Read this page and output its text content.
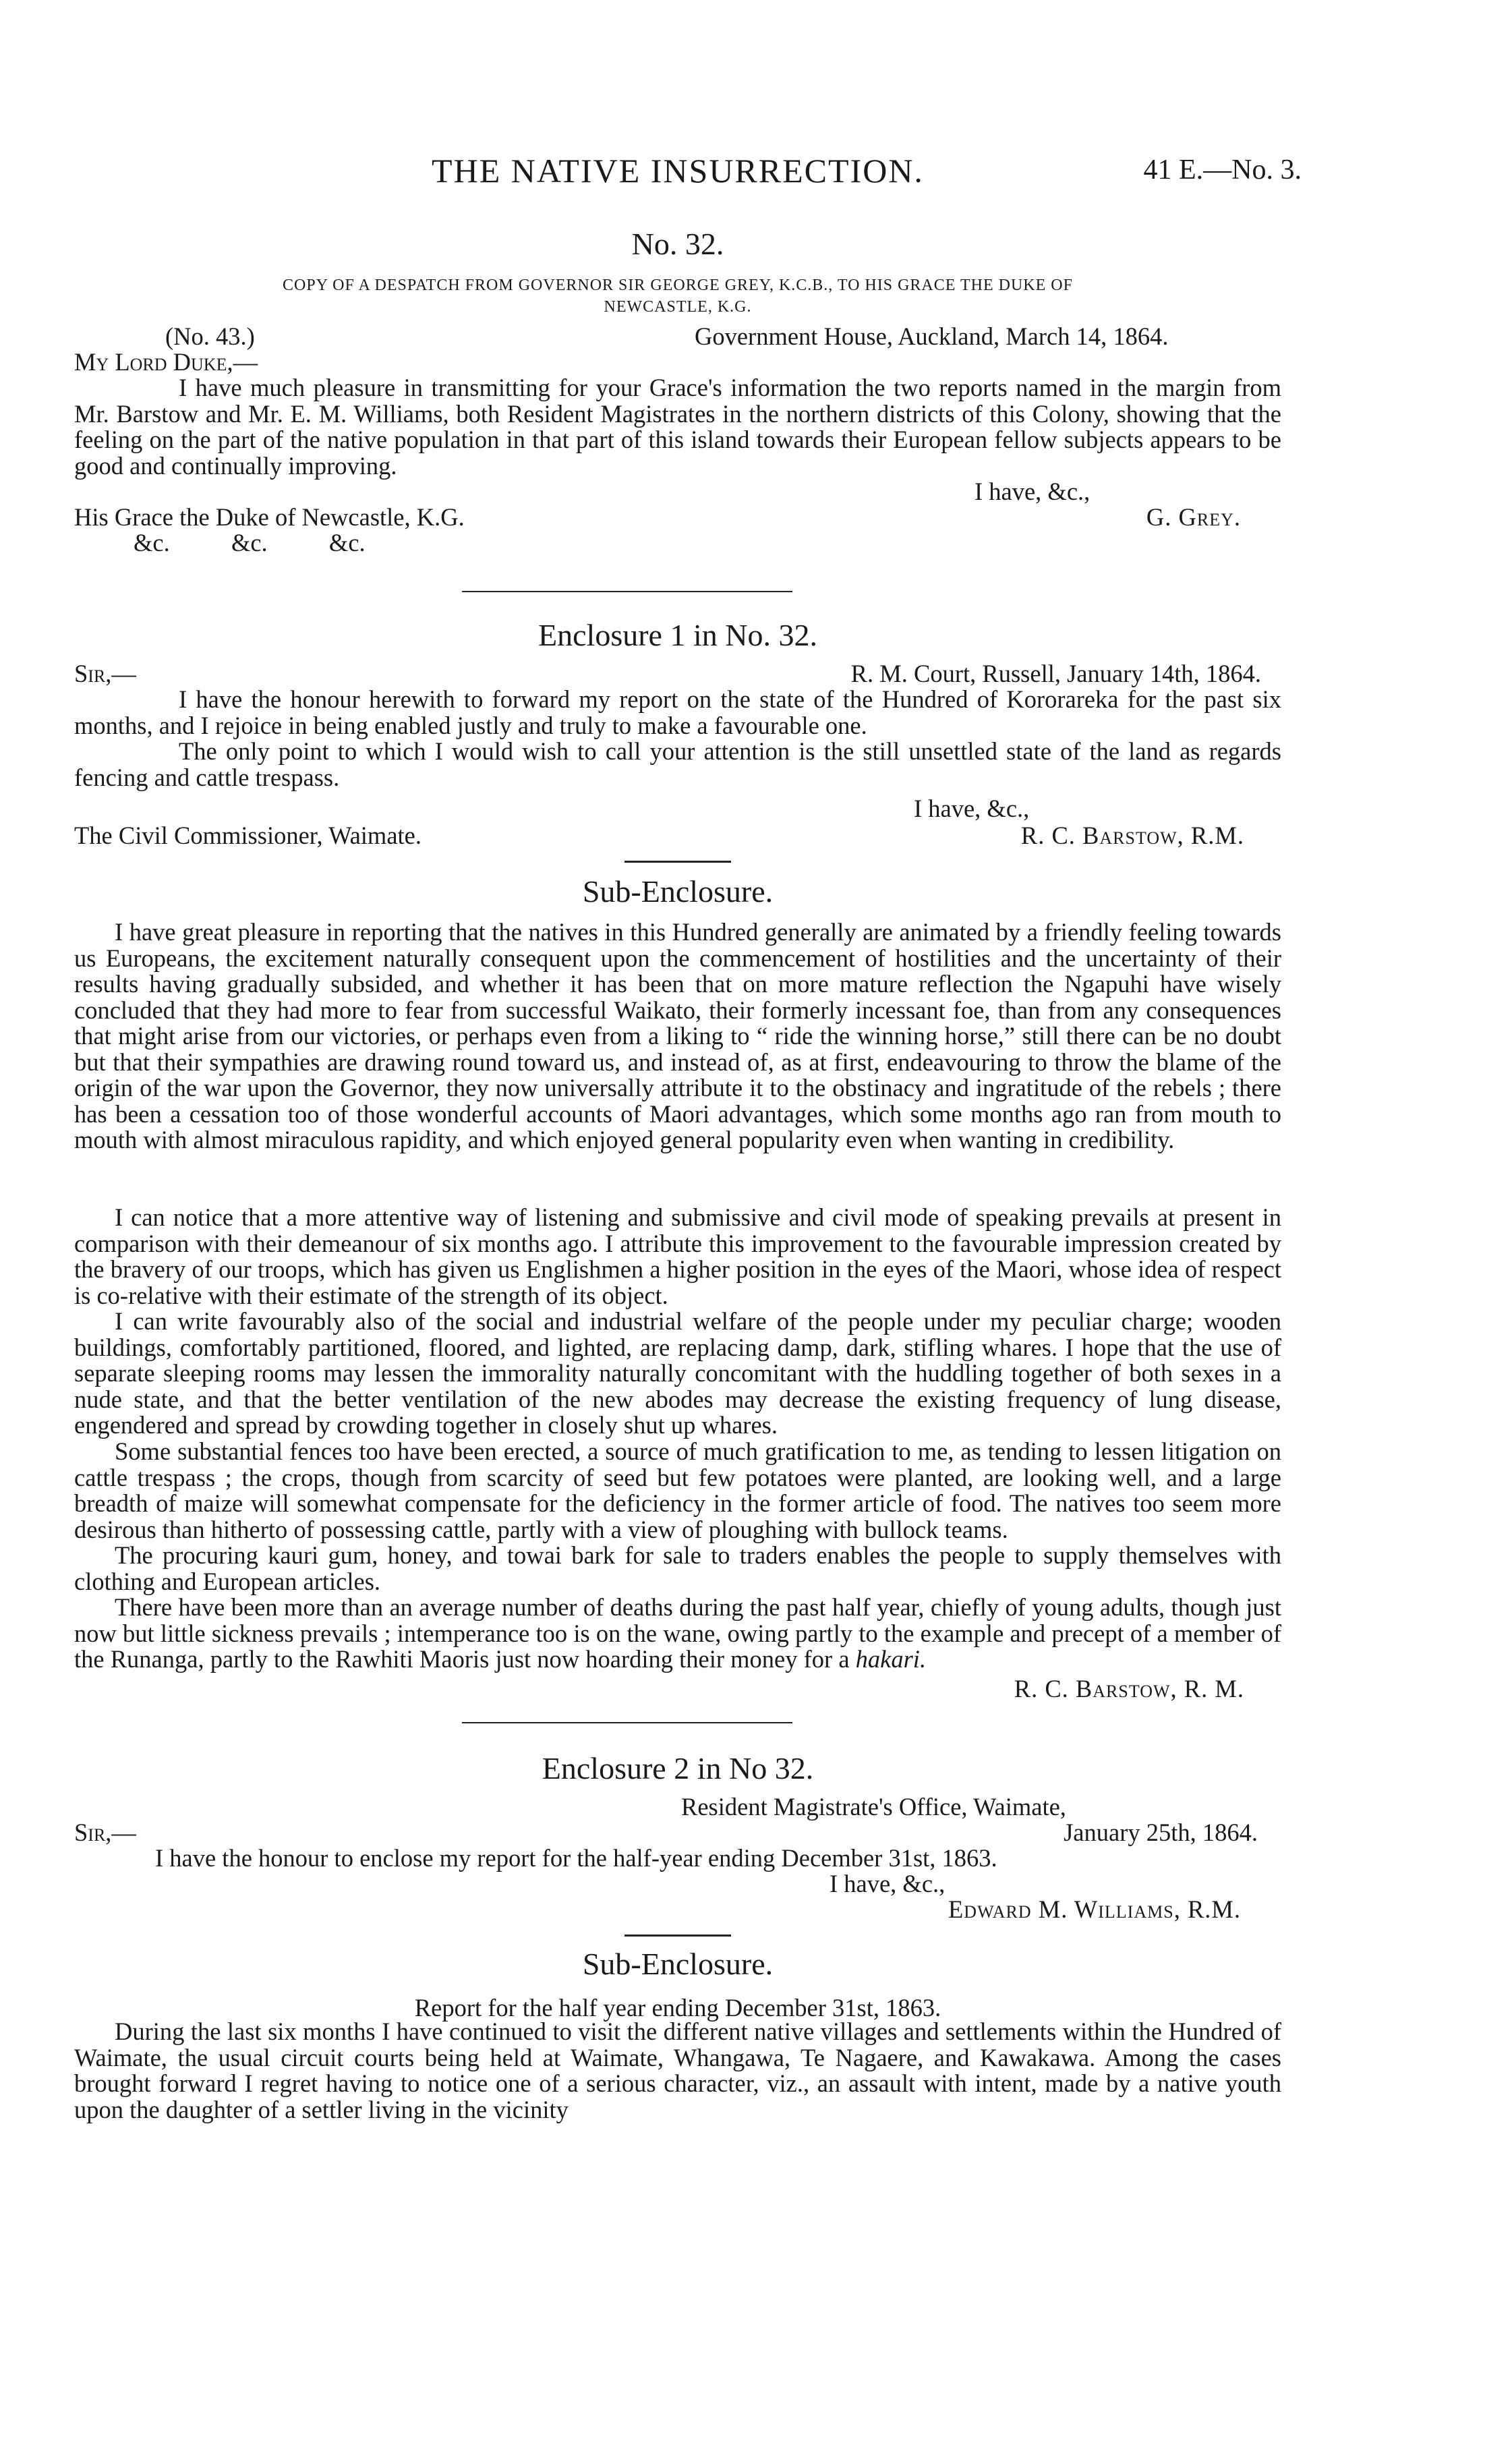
THE NATIVE INSURRECTION.	41 E.—No. 3.
No. 32.
COPY OF A DESPATCH FROM GOVERNOR SIR GEORGE GREY, K.C.B., TO HIS GRACE THE DUKE OF
NEWCASTLE, K.G.
(No. 43.)	Government House, Auckland, March 14, 1864.
My Lord Duke,—

I have much pleasure in transmitting for your Grace's information the two reports named in the margin from Mr. Barstow and Mr. E. M. Williams, both Resident Magistrates in the northern districts of this Colony, showing that the feeling on the part of the native population in that part of this island towards their European fellow subjects appears to be good and continually improving.

I have, &c.,
His Grace the Duke of Newcastle, K.G.	G. Grey.
&c.          &c.          &c.
Enclosure 1 in No. 32.
Sir,—	R. M. Court, Russell, January 14th, 1864.

I have the honour herewith to forward my report on the state of the Hundred of Kororareka for the past six months, and I rejoice in being enabled justly and truly to make a favourable one.

The only point to which I would wish to call your attention is the still unsettled state of the land as regards fencing and cattle trespass.

I have, &c.,
The Civil Commissioner, Waimate.	R. C. Barstow, R.M.
Sub-Enclosure.

I have great pleasure in reporting that the natives in this Hundred generally are animated by a friendly feeling towards us Europeans, the excitement naturally consequent upon the commencement of hostilities and the uncertainty of their results having gradually subsided, and whether it has been that on more mature reflection the Ngapuhi have wisely concluded that they had more to fear from successful Waikato, their formerly incessant foe, than from any consequences that might arise from our victories, or perhaps even from a liking to “ ride the winning horse,” still there can be no doubt but that their sympathies are drawing round toward us, and instead of, as at first, endeavouring to throw the blame of the origin of the war upon the Governor, they now universally attribute it to the obstinacy and ingratitude of the rebels ; there has been a cessation too of those wonderful accounts of Maori advantages, which some months ago ran from mouth to mouth with almost miraculous rapidity, and which enjoyed general popularity even when wanting in credibility.

I can notice that a more attentive way of listening and submissive and civil mode of speaking prevails at present in comparison with their demeanour of six months ago. I attribute this improvement to the favourable impression created by the bravery of our troops, which has given us Englishmen a higher position in the eyes of the Maori, whose idea of respect is co-relative with their estimate of the strength of its object.

I can write favourably also of the social and industrial welfare of the people under my peculiar charge; wooden buildings, comfortably partitioned, floored, and lighted, are replacing damp, dark, stifling whares. I hope that the use of separate sleeping rooms may lessen the immorality naturally concomitant with the huddling together of both sexes in a nude state, and that the better ventilation of the new abodes may decrease the existing frequency of lung disease, engendered and spread by crowding together in closely shut up whares.

Some substantial fences too have been erected, a source of much gratification to me, as tending to lessen litigation on cattle trespass ; the crops, though from scarcity of seed but few potatoes were planted, are looking well, and a large breadth of maize will somewhat compensate for the deficiency in the former article of food. The natives too seem more desirous than hitherto of possessing cattle, partly with a view of ploughing with bullock teams.

The procuring kauri gum, honey, and towai bark for sale to traders enables the people to supply themselves with clothing and European articles.

There have been more than an average number of deaths during the past half year, chiefly of young adults, though just now but little sickness prevails ; intemperance too is on the wane, owing partly to the example and precept of a member of the Runanga, partly to the Rawhiti Maoris just now hoarding their money for a hakari.

R. C. Barstow, R. M.
Enclosure 2 in No 32.
Resident Magistrate's Office, Waimate,
Sir,—	January 25th, 1864.
I have the honour to enclose my report for the half-year ending December 31st, 1863.
I have, &c.,
Edward M. Williams, R.M.
Sub-Enclosure.
Report for the half year ending December 31st, 1863.

During the last six months I have continued to visit the different native villages and settlements within the Hundred of Waimate, the usual circuit courts being held at Waimate, Whangawa, Te Nagaere, and Kawakawa. Among the cases brought forward I regret having to notice one of a serious character, viz., an assault with intent, made by a native youth upon the daughter of a settler living in the vicinity
